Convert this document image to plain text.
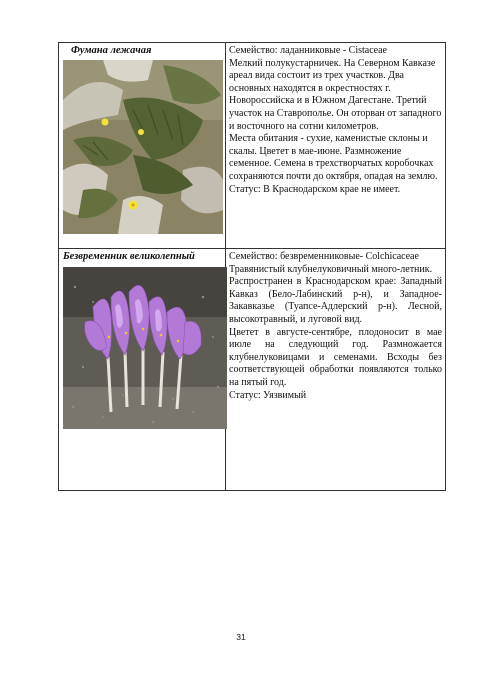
Фумана лежачая	Семейство: ладанниковые - Cistaceae

Мелкий полукустарничек. На Северном Кавказе ареал вида состоит из трех участков. Два основных находятся в окрестностях г. Новороссийска и в Южном Дагестане. Третий участок на Ставрополье. Он оторван от западного и восточного на сотни километров.

Места обитания - сухие, каменистые склоны и скалы. Цветет в мае-июне. Размножение семенное. Семена в трехстворчатых коробочках сохраняются почти до октября, опадая на землю.

Статус: В Краснодарском крае не имеет.

Безвременник великолепный	Семейство: безвременниковые- Colchicaceae

Травянистый клубнелуковичный много-летник.

Распространен в Краснодарском крае: Западный Кавказ (Бело-Лабинский р-н), и Западное-Закавказье (Туапсе-Адлерский р-н). Лесной, высокотравный, и луговой вид.

Цветет в августе-сентябре, плодоносит в мае июле на следующий год. Размножается клубнелуковицами и семенами. Всходы без соответствующей обработки появляются только на пятый год.

Статус: Уязвимый

31
